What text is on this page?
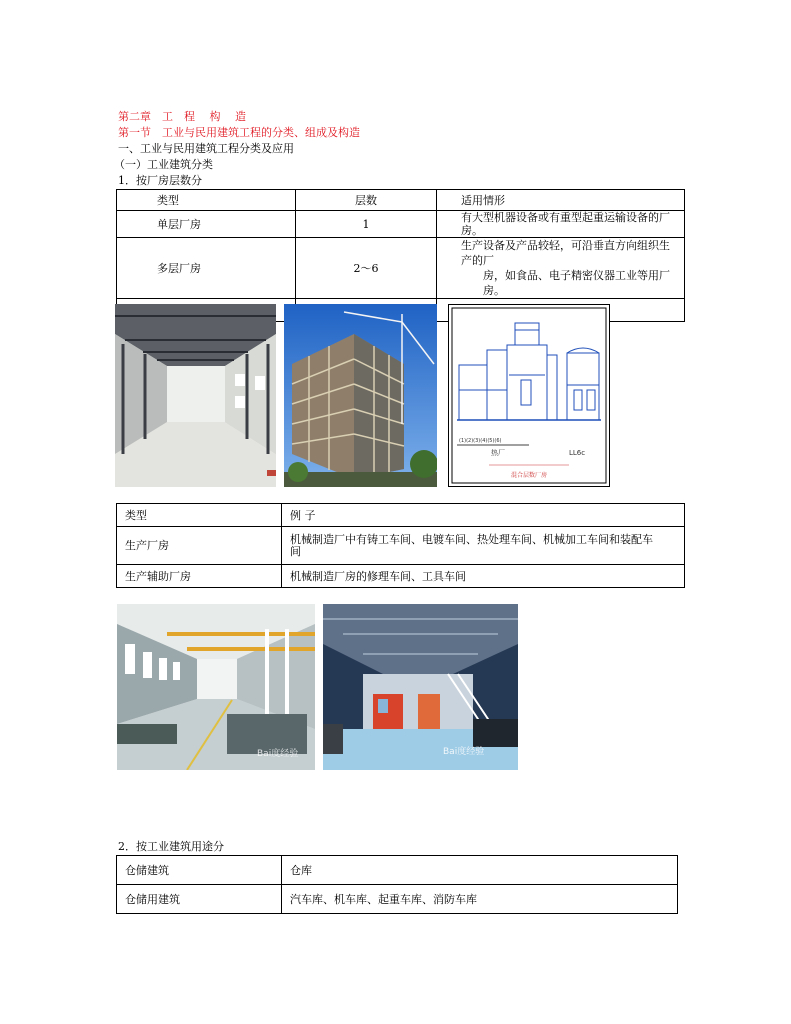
第二章　工　程　 构　 造
第一节　工业与民用建筑工程的分类、组成及构造
一、工业与民用建筑工程分类及应用
（一）工业建筑分类
1．按厂房层数分
类型	层数	适用情形
单层厂房	1	有大型机器设备或有重型起重运输设备的厂房。
多层厂房	2～6	生产设备及产品较轻，可沿垂直方向组织生产的厂
房，如食品、电子精密仪器工业等用厂房。

(1)(2)(3)(4)(5)(6)
热厂	LL6c
混合层数厂房
类型	例 子
生产厂房	机械制造厂中有铸工车间、电镀车间、热处理车间、机械加工车间和装配车
间

生产辅助厂房	机械制造厂房的修理车间、工具车间
Bai度经验	Bai度经验
2．按工业建筑用途分
仓储建筑	仓库
仓储用建筑	汽车库、机车库、起重车库、消防车库
